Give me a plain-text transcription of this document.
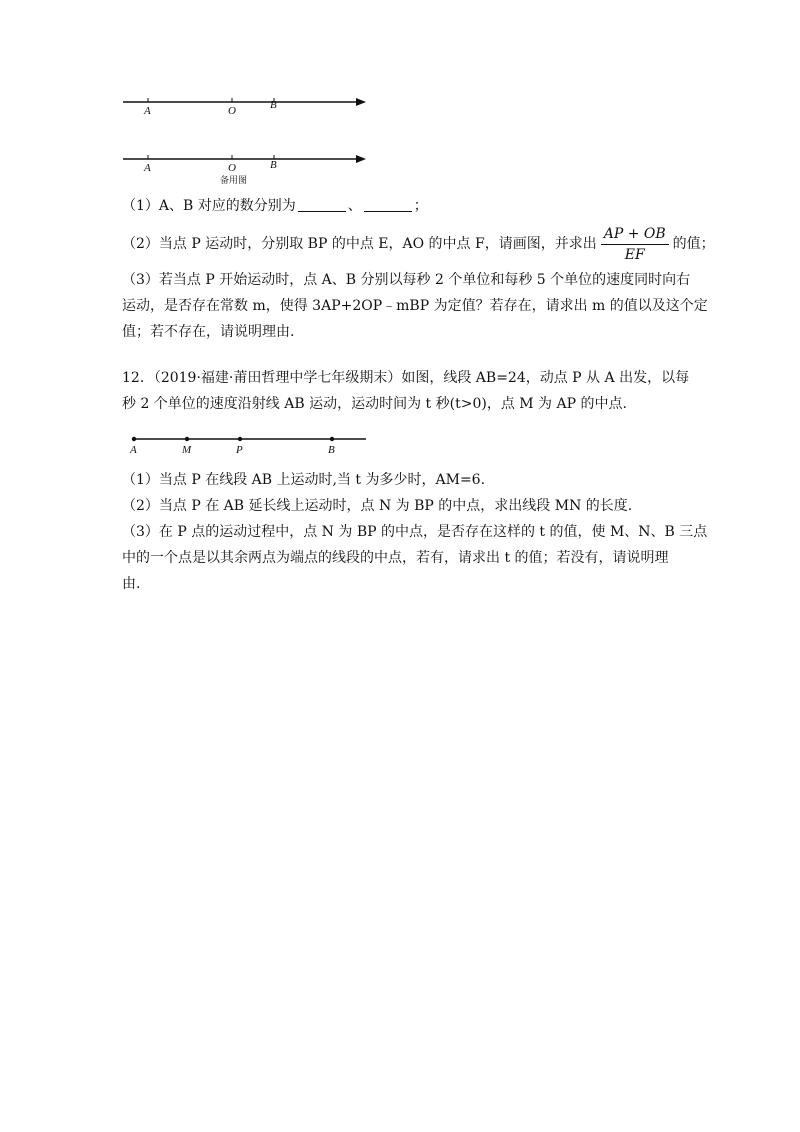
A	O	B
A	O	B
备用图
（1）A、B 对应的数分别为	、	；
（2）当点 P 运动时，分别取 BP 的中点 E，AO 的中点 F，请画图，并求出 $\frac{AP + OB}{EF}$ 的值；
（3）若当点 P 开始运动时，点 A、B 分别以每秒 2 个单位和每秒 5 个单位的速度同时向右
运动，是否存在常数 m，使得 3AP+2OP﹣mBP 为定值？若存在，请求出 m 的值以及这个定
值；若不存在，请说明理由.
12．（2019·福建·莆田哲理中学七年级期末）如图，线段 AB=24，动点 P 从 A 出发，以每
秒 2 个单位的速度沿射线 AB 运动，运动时间为 t 秒(t>0)，点 M 为 AP 的中点.
A	M	P	B
（1）当点 P 在线段 AB 上运动时,当 t 为多少时，AM=6.
（2）当点 P 在 AB 延长线上运动时，点 N 为 BP 的中点，求出线段 MN 的长度.
（3）在 P 点的运动过程中，点 N 为 BP 的中点，是否存在这样的 t 的值，使 M、N、B 三点
中的一个点是以其余两点为端点的线段的中点，若有，请求出 t 的值；若没有，请说明理
由.
